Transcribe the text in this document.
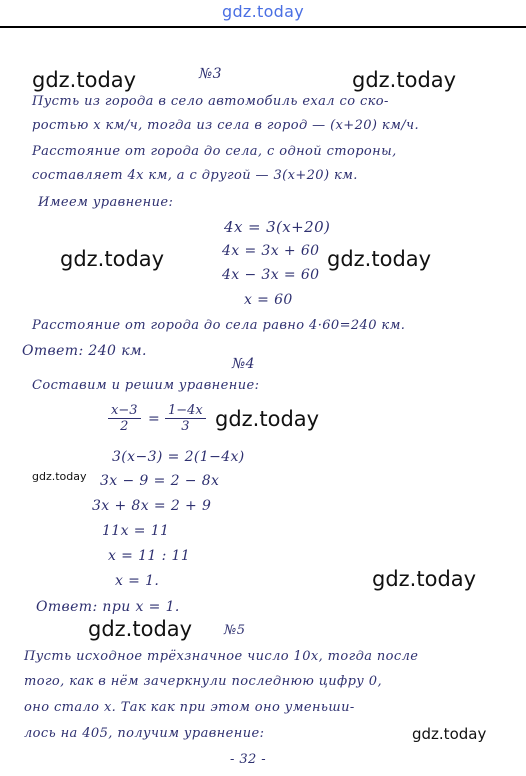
gdz.today
№3
Пусть из города в село автомобиль ехал со ско-
ростью x км/ч, тогда из села в город — (x+20) км/ч.
Расстояние от города до села, с одной стороны,
составляет 4x км, а с другой — 3(x+20) км.
Имеем уравнение:
4x = 3(x+20)
4x = 3x + 60
4x − 3x = 60
x = 60
Расстояние от города до села равно 4·60=240 км.
Ответ: 240 км.
№4
Составим и решим уравнение:
$\frac{x-3}{2} = \frac{1-4x}{3}$
3(x−3) = 2(1−4x)
3x − 9 = 2 − 8x
3x + 8x = 2 + 9
11x = 11
x = 11 : 11
x = 1.
Ответ: при x = 1.
№5
Пусть исходное трёхзначное число 10x, тогда после
того, как в нём зачеркнули последнюю цифру 0,
оно стало x. Так как при этом оно уменьши-
лось на 405, получим уравнение:
- 32 -
gdz.today	gdz.today
gdz.today	gdz.today
gdz.today
gdz.today
gdz.today
gdz.today
gdz.today
